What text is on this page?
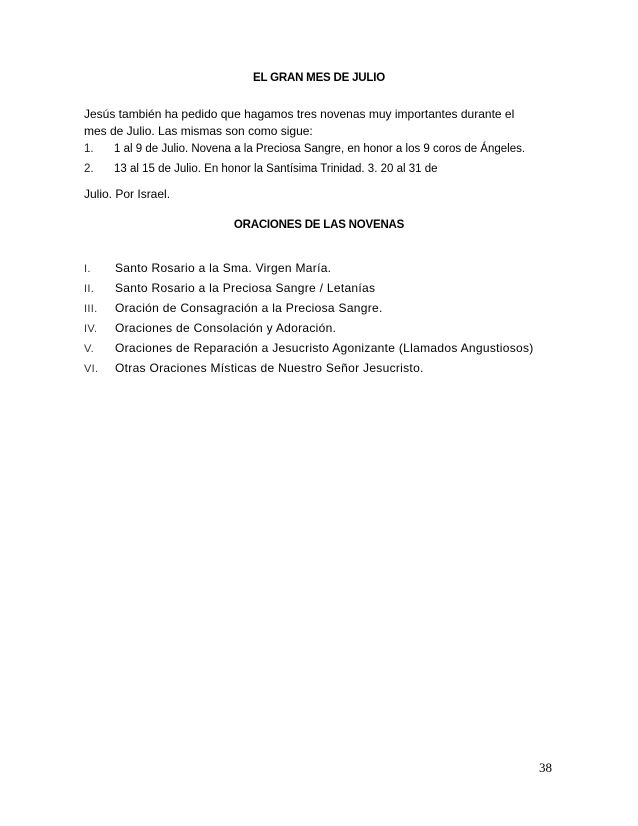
EL GRAN MES DE JULIO
Jesús también ha pedido que hagamos tres novenas muy importantes durante el
mes de Julio. Las mismas son como sigue:
1. 1 al 9 de Julio. Novena a la Preciosa Sangre, en honor a los 9 coros de Ángeles.
2. 13 al 15 de Julio. En honor la Santísima Trinidad. 3. 20 al 31 de
Julio. Por Israel.
ORACIONES DE LAS NOVENAS
I. Santo Rosario a la Sma. Virgen María.
II. Santo Rosario a la Preciosa Sangre / Letanías
III. Oración de Consagración a la Preciosa Sangre.
IV. Oraciones de Consolación y Adoración.
V. Oraciones de Reparación a Jesucristo Agonizante (Llamados Angustiosos)
VI. Otras Oraciones Místicas de Nuestro Señor Jesucristo.
38
